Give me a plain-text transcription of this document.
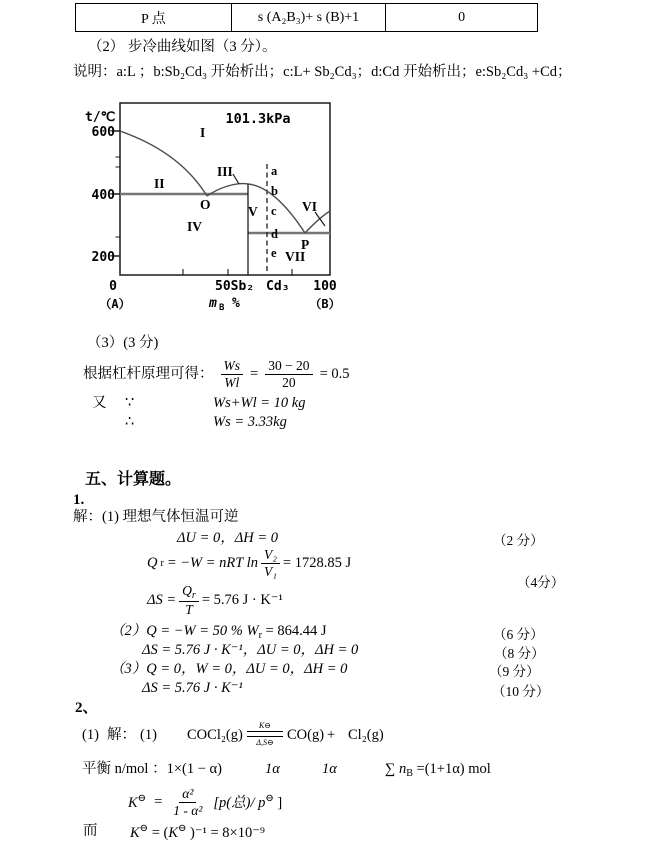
P 点	s (A₂B₃)+ s (B)+1	0
（2） 步冷曲线如图（3 分）。
说明：a:L ；b:Sb₂Cd₃ 开始析出；c:L+ Sb₂Cd₃；d:Cd 开始析出；e:Sb₂Cd₃ +Cd；
t/℃
600
400
200
0	50Sb₂ Cd₃ 100
（A）	（B）
m B %
101.3kPa
I
II
III
IV
V	VI
VII
O
P
a
b
c
d
e
（3）(3 分)
根据杠杆原理可得： $\frac{Ws}{Wl} = \frac{30 - 20}{20} = 0.5$
又 ∵	Ws+Wl = 10 kg
∴	Ws = 3.33kg
五、计算题。
1.
解：(1) 理想气体恒温可逆
ΔU = 0，ΔH = 0	（2 分）
Q r = −W = nRT $\ln \frac{\text{V₂}}{\text{V₁}} = 1728.85$ J
（4分）
$\Delta S = \frac{Q_r}{T} = 5.76$ J · K⁻¹
（2）Q = −W = 50 % $W_r = 864.44$ J	（6 分）
ΔS = 5.76 J · K⁻¹，ΔU = 0，ΔH = 0	（8 分）
（3）Q = 0，W = 0，ΔU = 0，ΔH = 0	（9 分）
ΔS = 5.76 J · K⁻¹	（10 分）
2、
(1) 解： (1) COCl₂(g)
K⊖
Δ,S⊖ CO(g) + Cl₂(g)
平衡 n/mol ：1×(1 − α)	1α	1α	∑ $n_B =(1+1\alpha)$ mol
$K^⊖ = \frac{\text{α²}}{\text{1 - α²}} [p$(总)/ p⊖ ]
而 K⊖ = (K⊖ )⁻¹ = 8×10⁻⁹
